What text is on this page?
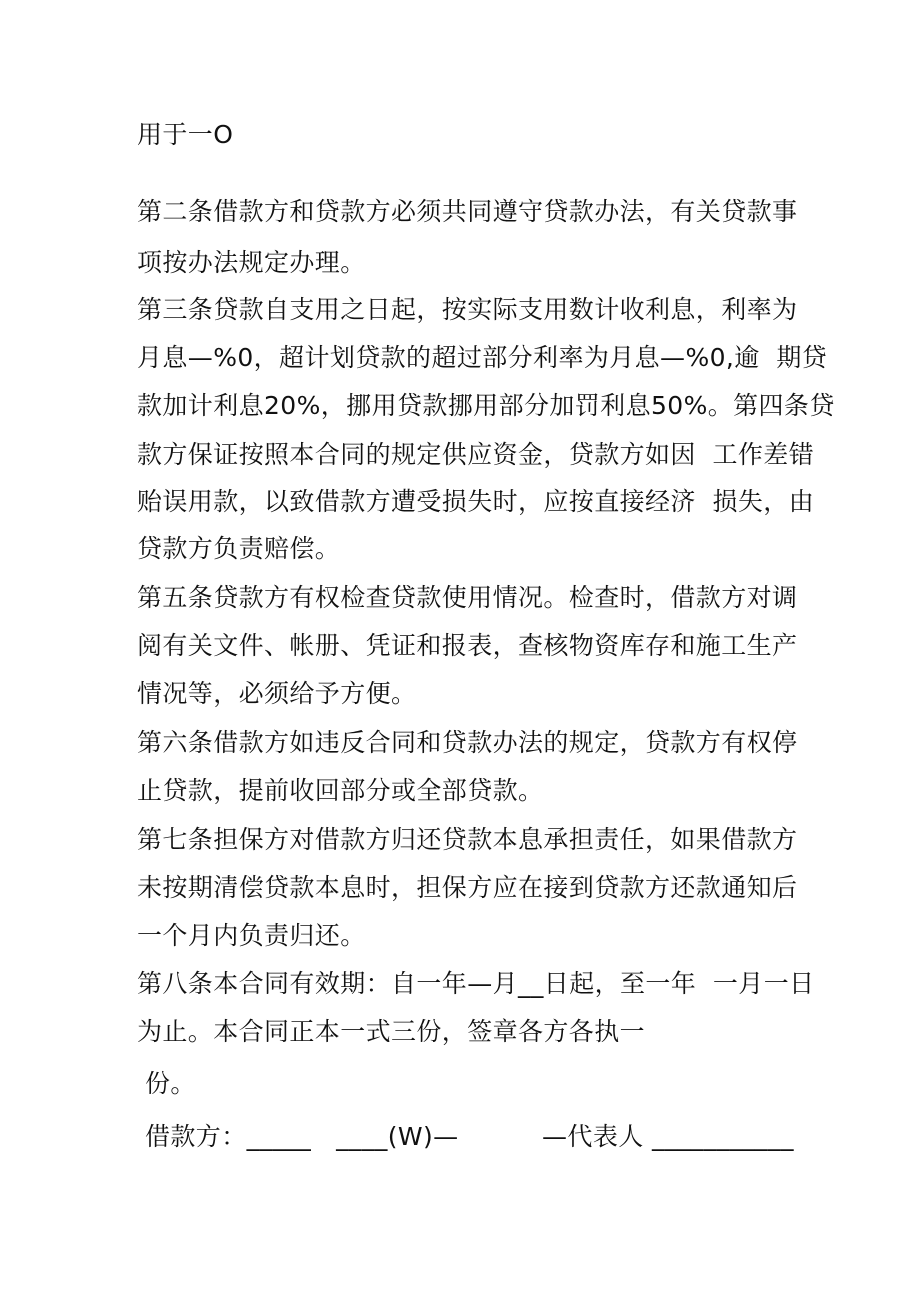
用于一O
第二条借款方和贷款方必须共同遵守贷款办法，有关贷款事
项按办法规定办理。
第三条贷款自支用之日起，按实际支用数计收利息，利率为
月息—%0，超计划贷款的超过部分利率为月息—%0,逾  期贷
款加计利息20%，挪用贷款挪用部分加罚利息50%。第四条贷
款方保证按照本合同的规定供应资金，贷款方如因  工作差错
贻误用款，以致借款方遭受损失时，应按直接经济  损失，由
贷款方负责赔偿。
第五条贷款方有权检查贷款使用情况。检查时，借款方对调
阅有关文件、帐册、凭证和报表，查核物资库存和施工生产
情况等，必须给予方便。
第六条借款方如违反合同和贷款办法的规定，贷款方有权停
止贷款，提前收回部分或全部贷款。
第七条担保方对借款方归还贷款本息承担责任，如果借款方
未按期清偿贷款本息时，担保方应在接到贷款方还款通知后
一个月内负责归还。
第八条本合同有效期：自一年—月__日起，至一年  一月一日
为止。本合同正本一式三份，签章各方各执一
份。
借款方：_____   ____(W)—          —代表人 ___________
